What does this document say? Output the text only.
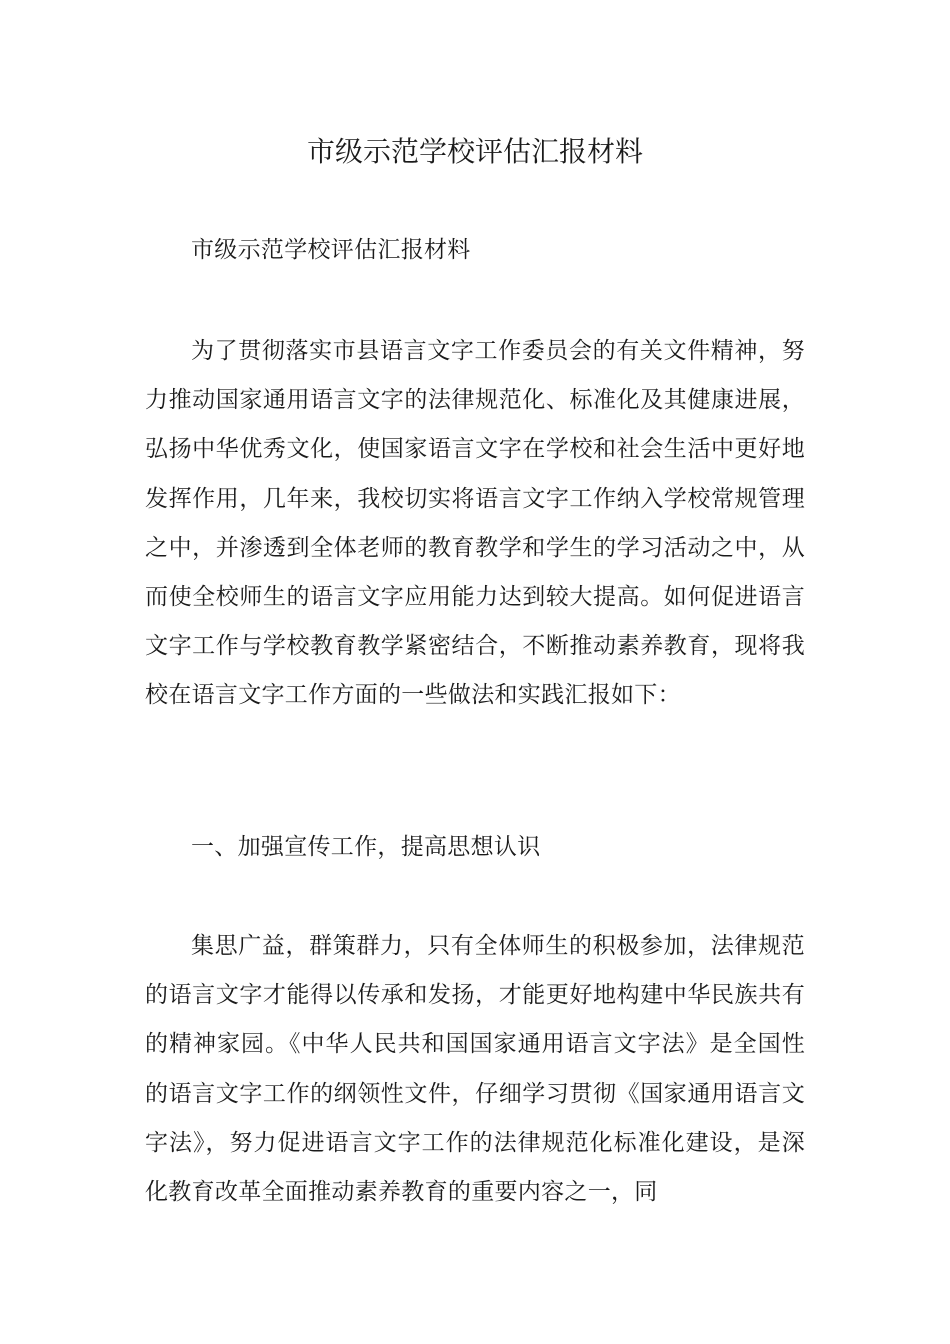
市级示范学校评估汇报材料

市级示范学校评估汇报材料

为了贯彻落实市县语言文字工作委员会的有关文件精神，努力推动国家通用语言文字的法律规范化、标准化及其健康进展，弘扬中华优秀文化，使国家语言文字在学校和社会生活中更好地发挥作用，几年来，我校切实将语言文字工作纳入学校常规管理之中，并渗透到全体老师的教育教学和学生的学习活动之中，从而使全校师生的语言文字应用能力达到较大提高。如何促进语言文字工作与学校教育教学紧密结合，不断推动素养教育，现将我校在语言文字工作方面的一些做法和实践汇报如下：

一、加强宣传工作，提高思想认识

集思广益，群策群力，只有全体师生的积极参加，法律规范的语言文字才能得以传承和发扬，才能更好地构建中华民族共有的精神家园。《中华人民共和国国家通用语言文字法》是全国性的语言文字工作的纲领性文件，仔细学习贯彻《国家通用语言文字法》，努力促进语言文字工作的法律规范化标准化建设，是深化教育改革全面推动素养教育的重要内容之一，同
